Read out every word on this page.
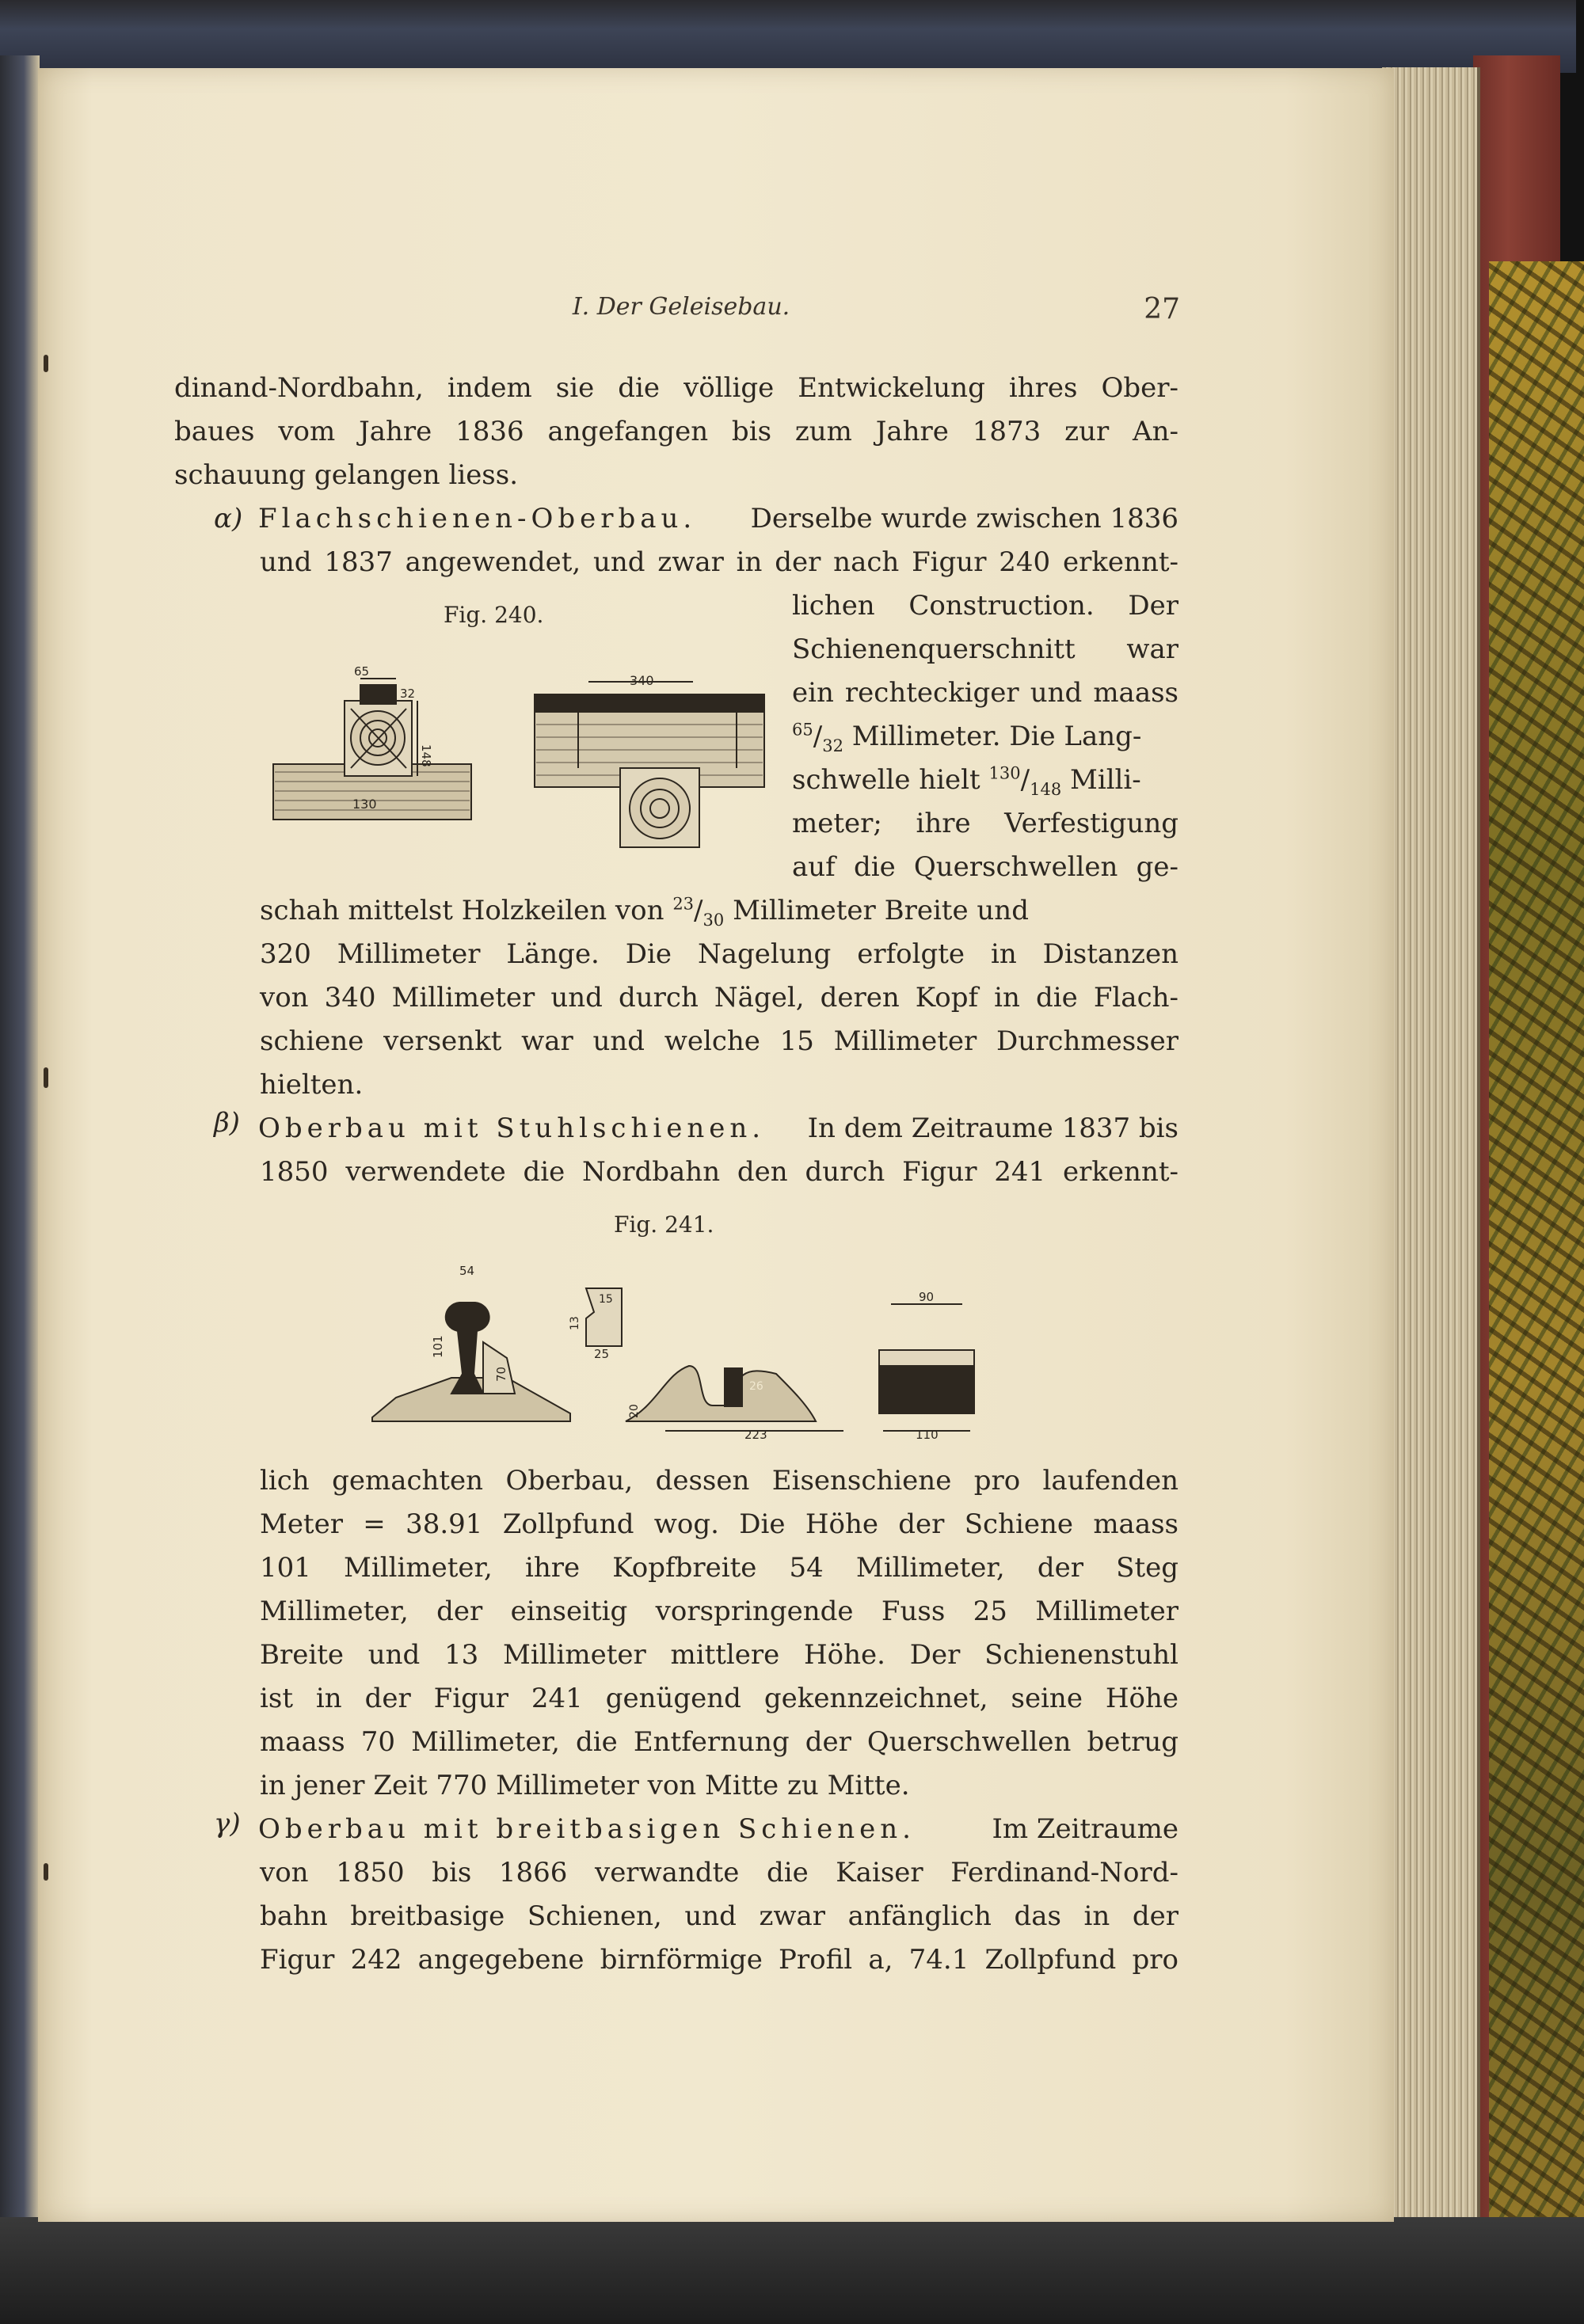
I. Der Geleisebau.	27
dinand-Nordbahn, indem sie die völlige Entwickelung ihres Ober-
baues vom Jahre 1836 angefangen bis zum Jahre 1873 zur An-
schauung gelangen liess.
α) Flachschienen-Oberbau.	Derselbe wurde zwischen 1836
und 1837 angewendet, und zwar in der nach Figur 240 erkennt-
Fig. 240.	lichen Construction. Der
Schienenquerschnitt war
ein rechteckiger und maass
$^{65}/_{32}$ Millimeter. Die Lang-
schwelle hielt $^{130}/_{148}$ Milli-
meter; ihre Verfestigung
auf die Querschwellen ge-
schah mittelst Holzkeilen von $^{23}/_{30}$ Millimeter Breite und
320 Millimeter Länge. Die Nagelung erfolgte in Distanzen
von 340 Millimeter und durch Nägel, deren Kopf in die Flach-
schiene versenkt war und welche 15 Millimeter Durchmesser
hielten.
65
32
148
130
340
β) Oberbau mit Stuhlschienen.	In dem Zeitraume 1837 bis
1850 verwendete die Nordbahn den durch Figur 241 erkennt-
Fig. 241.
54
101
70
15
13
25
26
20
223
90
110
lich gemachten Oberbau, dessen Eisenschiene pro laufenden
Meter = 38.91 Zollpfund wog. Die Höhe der Schiene maass
101 Millimeter, ihre Kopfbreite 54 Millimeter, der Steg
Millimeter, der einseitig vorspringende Fuss 25 Millimeter
Breite und 13 Millimeter mittlere Höhe. Der Schienenstuhl
ist in der Figur 241 genügend gekennzeichnet, seine Höhe
maass 70 Millimeter, die Entfernung der Querschwellen betrug
in jener Zeit 770 Millimeter von Mitte zu Mitte.
γ) Oberbau mit breitbasigen Schienen.	Im Zeitraume
von 1850 bis 1866 verwandte die Kaiser Ferdinand-Nord-
bahn breitbasige Schienen, und zwar anfänglich das in der
Figur 242 angegebene birnförmige Profil a, 74.1 Zollpfund pro
